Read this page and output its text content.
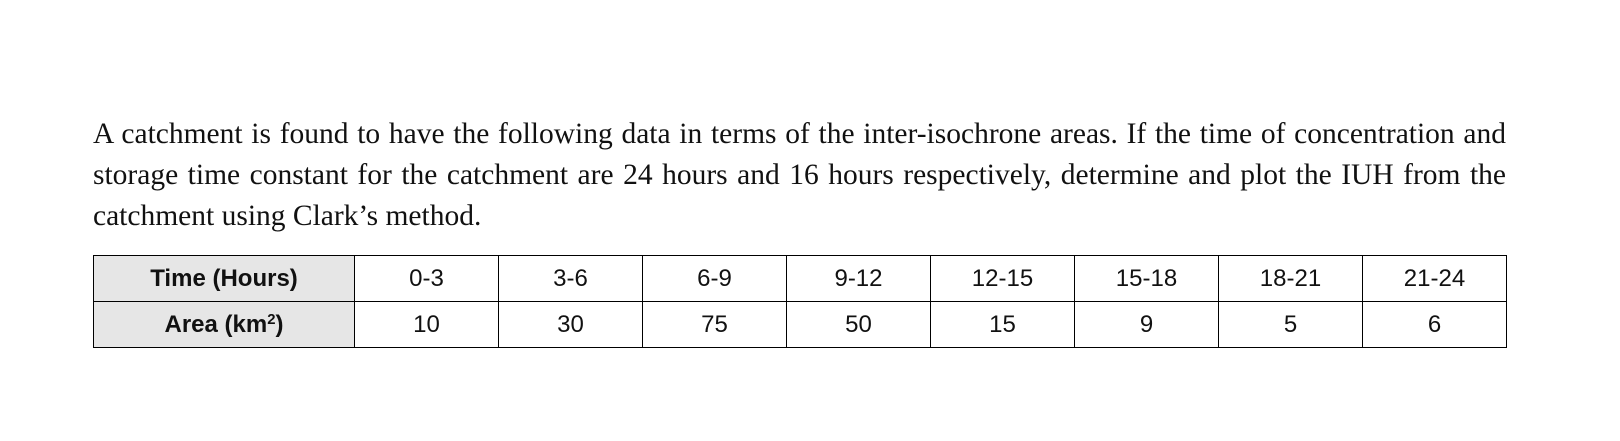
A catchment is found to have the following data in terms of the inter-isochrone areas. If the time of concentration and storage time constant for the catchment are 24 hours and 16 hours respectively, determine and plot the IUH from the catchment using Clark’s method.

Time (Hours)	0-3	3-6	6-9	9-12	12-15	15-18	18-21	21-24
Area $(km^2)$	10	30	75	50	15	9	5	6
